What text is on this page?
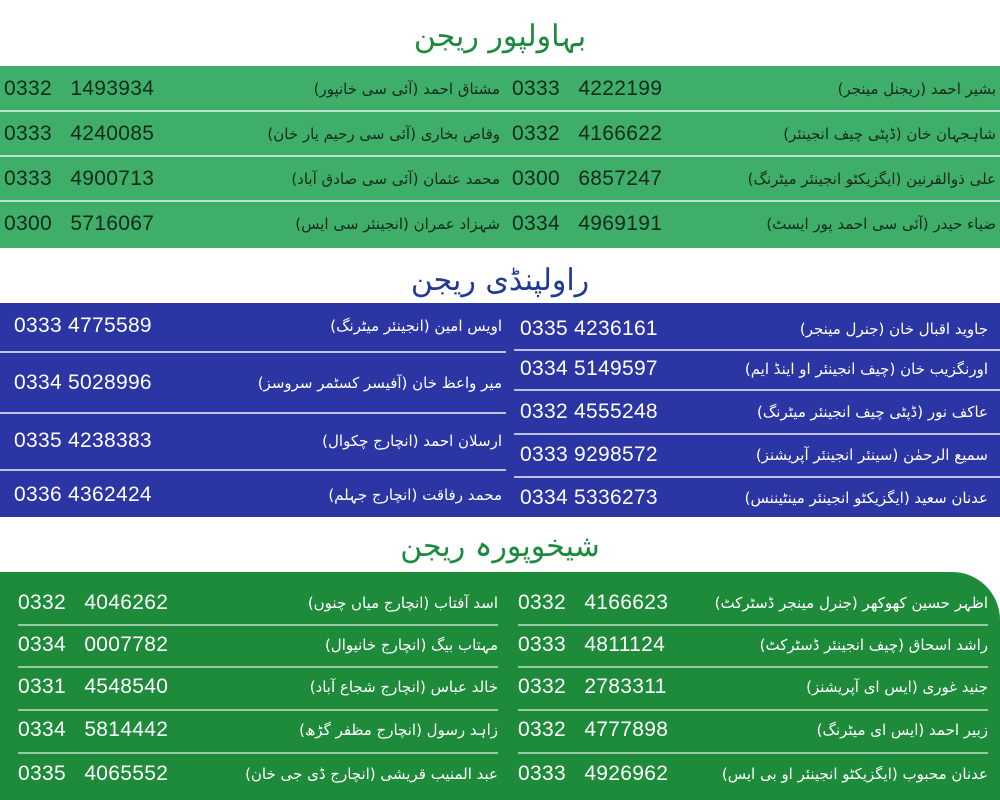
بہاولپور ریجن
0332   1493934	مشتاق احمد (آئی سی خانپور)
0333   4240085	وقاص بخاری (آئی سی رحیم یار خان)
0333   4900713	محمد عثمان (آئی سی صادق آباد)
0300   5716067	شہزاد عمران (انجینئر سی ایس)
0333   4222199	بشیر احمد (ریجنل مینجر)
0332   4166622	شاہجہان خان (ڈپٹی چیف انجینئر)
0300   6857247	علی ذوالقرنین (ایگزیکٹو انجینئر میٹرنگ)
0334   4969191	ضیاء حیدر (آئی سی احمد پور ایسٹ)
راولپنڈی ریجن
0333 4775589	اویس امین (انجینئر میٹرنگ)
0334 5028996	میر واعظ خان (آفیسر کسٹمر سروسز)
0335 4238383	ارسلان احمد (انچارج چکوال)
0336 4362424	محمد رفاقت (انچارج جہلم)
0335 4236161	جاوید اقبال خان (جنرل مینجر)
0334 5149597	اورنگزیب خان (چیف انجینئر او اینڈ ایم)
0332 4555248	عاکف نور (ڈپٹی چیف انجینئر میٹرنگ)
0333 9298572	سمیع الرحمٰن (سینئر انجینئر آپریشنز)
0334 5336273	عدنان سعید (ایگزیکٹو انجینئر مینٹیننس)
شیخوپورہ ریجن
0332   4046262	اسد آفتاب (انچارج میاں چنوں)
0334   0007782	مہتاب بیگ (انچارج خانیوال)
0331   4548540	خالد عباس (انچارج شجاع آباد)
0334   5814442	زاہد رسول (انچارج مظفر گڑھ)
0335   4065552	عبد المنیب قریشی (انچارج ڈی جی خان)
0332   4166623	اظہر حسین کھوکھر (جنرل مینجر ڈسٹرکٹ)
0333   4811124	راشد اسحاق (چیف انجینئر ڈسٹرکٹ)
0332   2783311	جنید غوری (ایس ای آپریشنز)
0332   4777898	زبیر احمد (ایس ای میٹرنگ)
0333   4926962	عدنان محبوب (ایگزیکٹو انجینئر او بی ایس)
